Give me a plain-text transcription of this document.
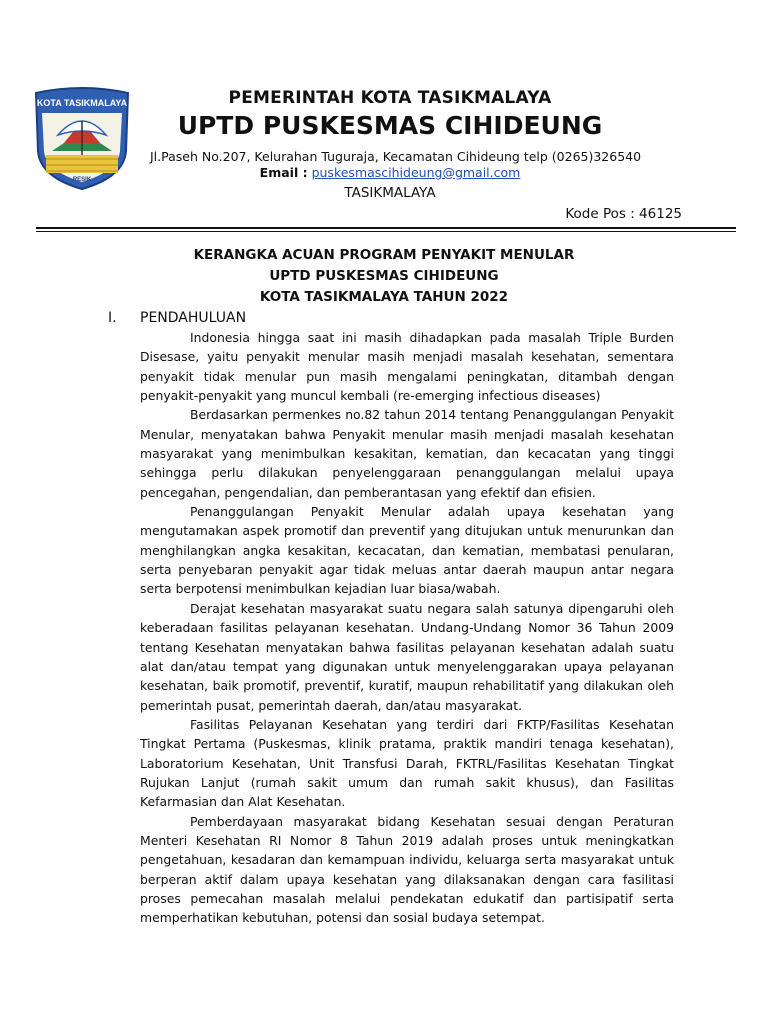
KOTA TASIKMALAYA
RESIK
PEMERINTAH KOTA TASIKMALAYA
UPTD PUSKESMAS CIHIDEUNG
Jl.Paseh No.207, Kelurahan Tuguraja, Kecamatan Cihideung telp (0265)326540
Email : puskesmascihideung@gmail.com
TASIKMALAYA
Kode Pos : 46125
KERANGKA ACUAN PROGRAM PENYAKIT MENULAR
UPTD PUSKESMAS CIHIDEUNG
KOTA TASIKMALAYA TAHUN 2022
I. PENDAHULUAN

Indonesia hingga saat ini masih dihadapkan pada masalah Triple Burden Disesase, yaitu penyakit menular masih menjadi masalah kesehatan, sementara penyakit tidak menular pun masih mengalami peningkatan, ditambah dengan penyakit-penyakit yang muncul kembali (re-emerging infectious diseases)

Berdasarkan permenkes no.82 tahun 2014 tentang Penanggulangan Penyakit Menular, menyatakan bahwa Penyakit menular masih menjadi masalah kesehatan masyarakat yang menimbulkan kesakitan, kematian, dan kecacatan yang tinggi sehingga perlu dilakukan penyelenggaraan penanggulangan melalui upaya pencegahan, pengendalian, dan pemberantasan yang efektif dan efisien.

Penanggulangan Penyakit Menular adalah upaya kesehatan yang mengutamakan aspek promotif dan preventif yang ditujukan untuk menurunkan dan menghilangkan angka kesakitan, kecacatan, dan kematian, membatasi penularan, serta penyebaran penyakit agar tidak meluas antar daerah maupun antar negara serta berpotensi menimbulkan kejadian luar biasa/wabah.

Derajat kesehatan masyarakat suatu negara salah satunya dipengaruhi oleh keberadaan fasilitas pelayanan kesehatan. Undang-Undang Nomor 36 Tahun 2009 tentang Kesehatan menyatakan bahwa fasilitas pelayanan kesehatan adalah suatu alat dan/atau tempat yang digunakan untuk menyelenggarakan upaya pelayanan kesehatan, baik promotif, preventif, kuratif, maupun rehabilitatif yang dilakukan oleh pemerintah pusat, pemerintah daerah, dan/atau masyarakat.

Fasilitas Pelayanan Kesehatan yang terdiri dari FKTP/Fasilitas Kesehatan Tingkat Pertama (Puskesmas, klinik pratama, praktik mandiri tenaga kesehatan), Laboratorium Kesehatan, Unit Transfusi Darah, FKTRL/Fasilitas Kesehatan Tingkat Rujukan Lanjut (rumah sakit umum dan rumah sakit khusus), dan Fasilitas Kefarmasian dan Alat Kesehatan.

Pemberdayaan masyarakat bidang Kesehatan sesuai dengan Peraturan Menteri Kesehatan RI Nomor 8 Tahun 2019 adalah proses untuk meningkatkan pengetahuan, kesadaran dan kemampuan individu, keluarga serta masyarakat untuk berperan aktif dalam upaya kesehatan yang dilaksanakan dengan cara fasilitasi proses pemecahan masalah melalui pendekatan edukatif dan partisipatif serta memperhatikan kebutuhan, potensi dan sosial budaya setempat.
